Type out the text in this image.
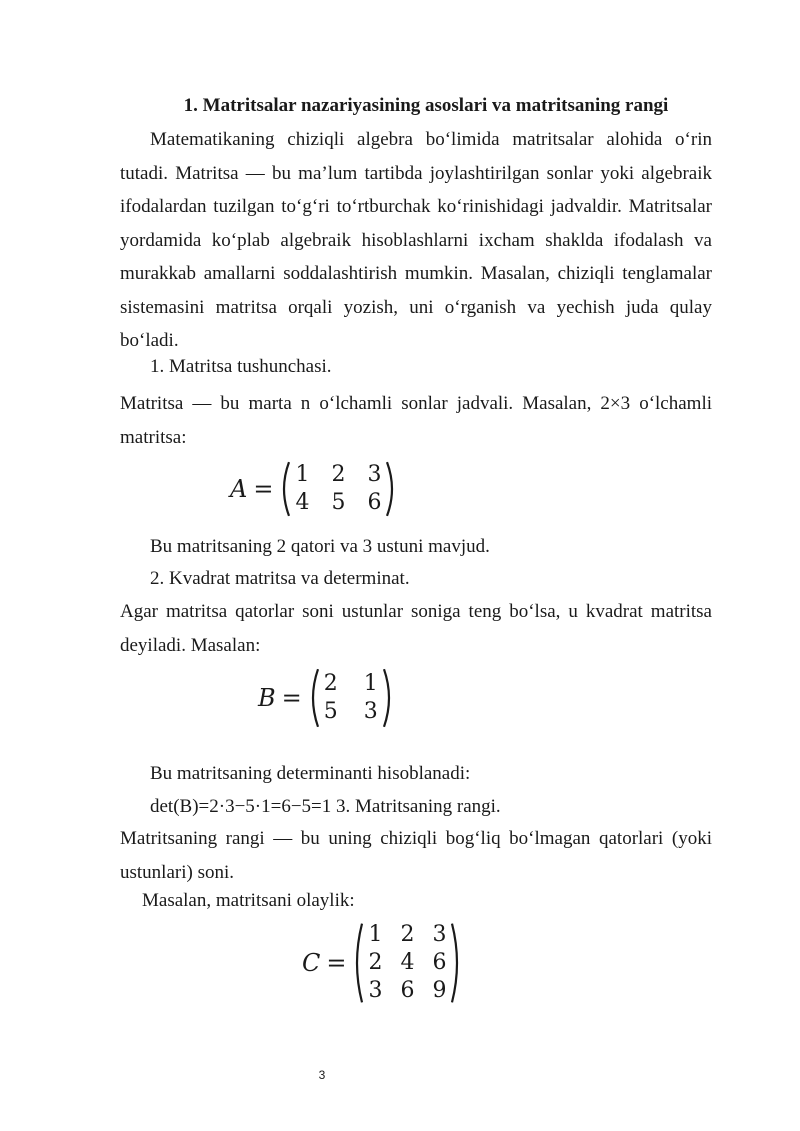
1. Matritsalar nazariyasining asoslari va matritsaning rangi
Matematikaning chiziqli algebra bo‘limida matritsalar alohida o‘rin tutadi. Matritsa — bu ma’lum tartibda joylashtirilgan sonlar yoki algebraik ifodalardan tuzilgan to‘g‘ri to‘rtburchak ko‘rinishidagi jadvaldir. Matritsalar yordamida ko‘plab algebraik hisoblashlarni ixcham shaklda ifodalash va murakkab amallarni soddalashtirish mumkin. Masalan, chiziqli tenglamalar sistemasini matritsa orqali yozish, uni o‘rganish va yechish juda qulay bo‘ladi.
1. Matritsa tushunchasi.
Matritsa — bu marta n o‘lchamli sonlar jadvali. Masalan, 2×3 o‘lchamli matritsa:
A =
1 2 3
4 5 6
Bu matritsaning 2 qatori va 3 ustuni mavjud.
2. Kvadrat matritsa va determinat.
Agar matritsa qatorlar soni ustunlar soniga teng bo‘lsa, u kvadrat matritsa deyiladi. Masalan:
B =
2 1
5 3
Bu matritsaning determinanti hisoblanadi:
det(B)=2·3−5·1=6−5=1 3. Matritsaning rangi.
Matritsaning rangi — bu uning chiziqli bog‘liq bo‘lmagan qatorlari (yoki ustunlari) soni.
Masalan, matritsani olaylik:
C =
1 2 3
2 4 6
3 6 9
3
